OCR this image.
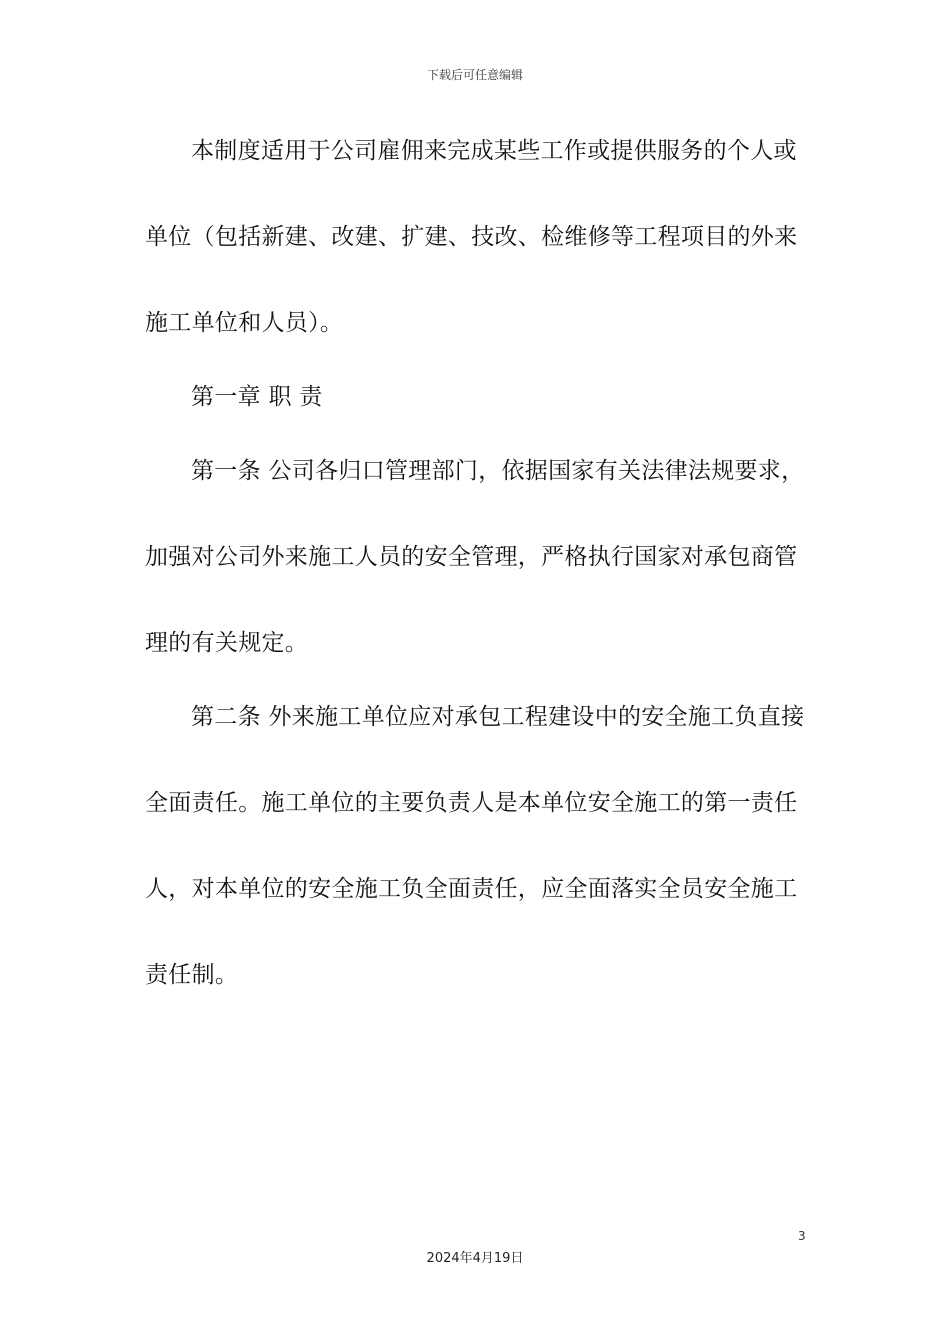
下载后可任意编辑
本制度适用于公司雇佣来完成某些工作或提供服务的个人或
单位（包括新建、改建、扩建、技改、检维修等工程项目的外来
施工单位和人员）。
第一章 职 责
第一条 公司各归口管理部门，依据国家有关法律法规要求，
加强对公司外来施工人员的安全管理，严格执行国家对承包商管
理的有关规定。
第二条 外来施工单位应对承包工程建设中的安全施工负直接
全面责任。施工单位的主要负责人是本单位安全施工的第一责任
人，对本单位的安全施工负全面责任，应全面落实全员安全施工
责任制。
3
2024年4月19日
